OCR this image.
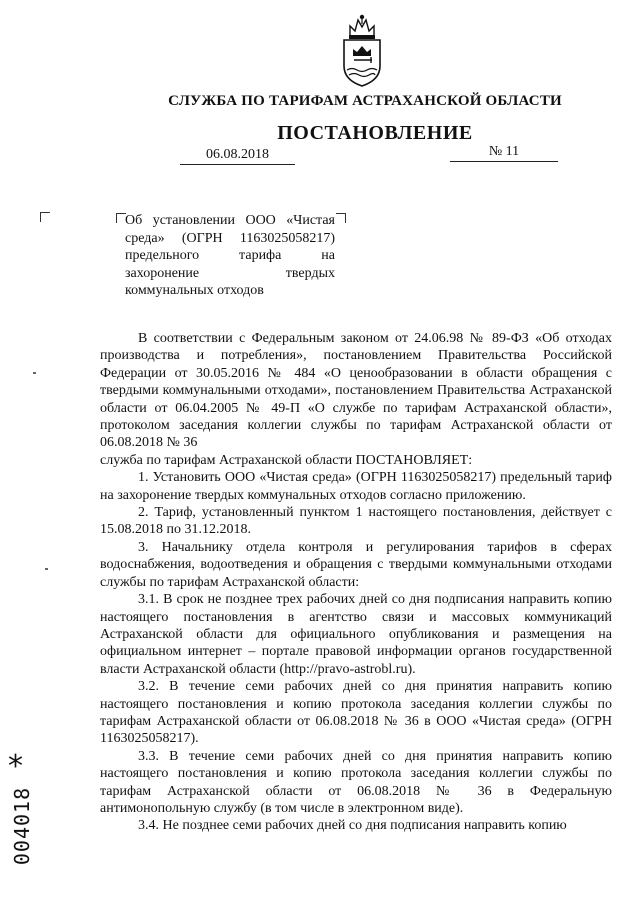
СЛУЖБА ПО ТАРИФАМ АСТРАХАНСКОЙ ОБЛАСТИ
ПОСТАНОВЛЕНИЕ
06.08.2018	№ 11
Об установлении ООО «Чистая среда» (ОГРН 1163025058217) предельного тарифа на захоронение твердых коммунальных отходов

В соответствии с Федеральным законом от 24.06.98 № 89-ФЗ «Об отходах производства и потребления», постановлением Правительства Российской Федерации от 30.05.2016 № 484 «О ценообразовании в области обращения с твердыми коммунальными отходами», постановлением Правительства Астраханской области от 06.04.2005 № 49-П «О службе по тарифам Астраханской области», протоколом заседания коллегии службы по тарифам Астраханской области от 06.08.2018 № 36

служба по тарифам Астраханской области ПОСТАНОВЛЯЕТ:

1. Установить ООО «Чистая среда» (ОГРН 1163025058217) предельный тариф на захоронение твердых коммунальных отходов согласно приложению.

2. Тариф, установленный пунктом 1 настоящего постановления, действует с 15.08.2018 по 31.12.2018.

3. Начальнику отдела контроля и регулирования тарифов в сферах водоснабжения, водоотведения и обращения с твердыми коммунальными отходами службы по тарифам Астраханской области:

3.1. В срок не позднее трех рабочих дней со дня подписания направить копию настоящего постановления в агентство связи и массовых коммуникаций Астраханской области для официального опубликования и размещения на официальном интернет – портале правовой информации органов государственной власти Астраханской области (http://pravo-astrobl.ru).

3.2. В течение семи рабочих дней со дня принятия направить копию настоящего постановления и копию протокола заседания коллегии службы по тарифам Астраханской области от 06.08.2018 № 36 в ООО «Чистая среда» (ОГРН 1163025058217).

3.3. В течение семи рабочих дней со дня принятия направить копию настоящего постановления и копию протокола заседания коллегии службы по тарифам Астраханской области от 06.08.2018 № 36 в Федеральную антимонопольную службу (в том числе в электронном виде).

3.4. Не позднее семи рабочих дней со дня подписания направить копию

*
004018
